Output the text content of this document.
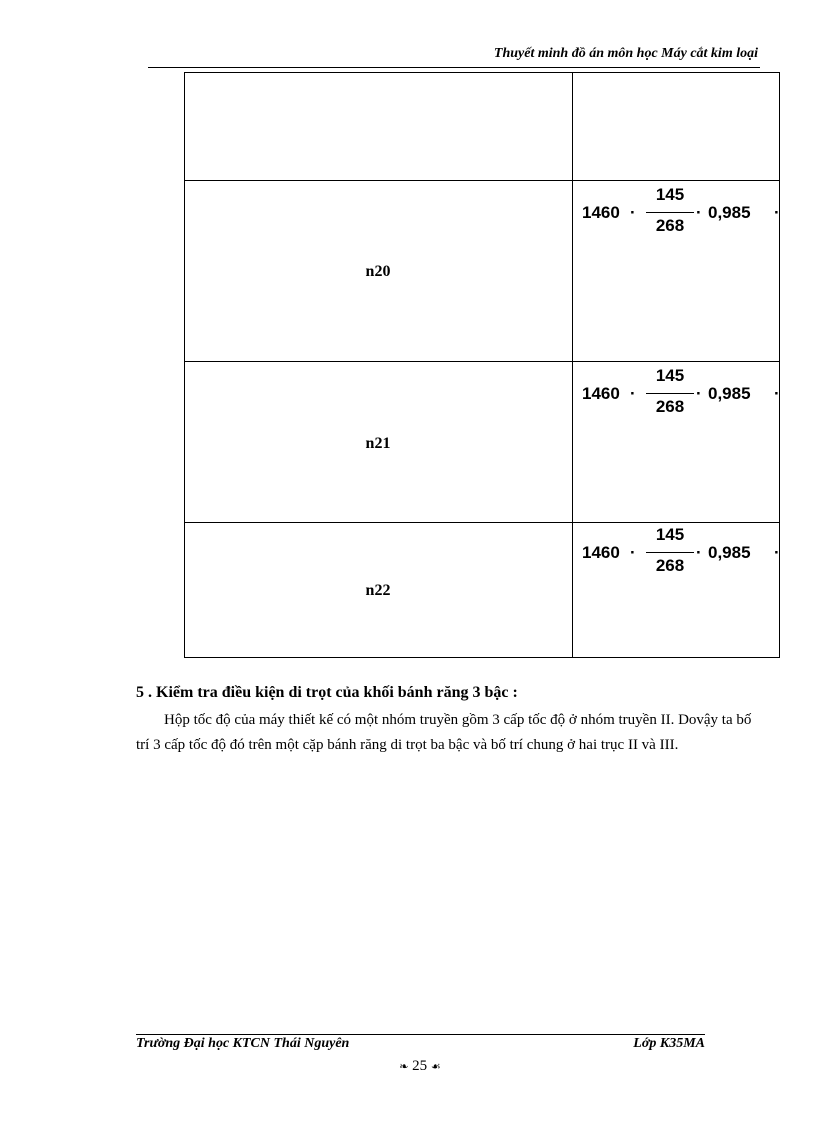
Thuyết minh đồ án môn học Máy cắt kim loại
n20
1460 ·
145
268
· 0,985 ·
n21
1460 ·
145
268
· 0,985 ·
n22
1460 ·
145
268
· 0,985 ·
5 . Kiểm tra điều kiện di trọt của khối bánh răng 3 bậc :
Hộp tốc độ của máy thiết kế có một nhóm truyền gồm 3 cấp tốc độ ở nhóm truyền II. Dovậy ta bố trí 3 cấp tốc độ đó trên một cặp bánh răng di trọt ba bậc và bố trí chung ở hai trục II và III.
Trường Đại học KTCN Thái Nguyên	Lớp K35MA
❧ 25 ☙
